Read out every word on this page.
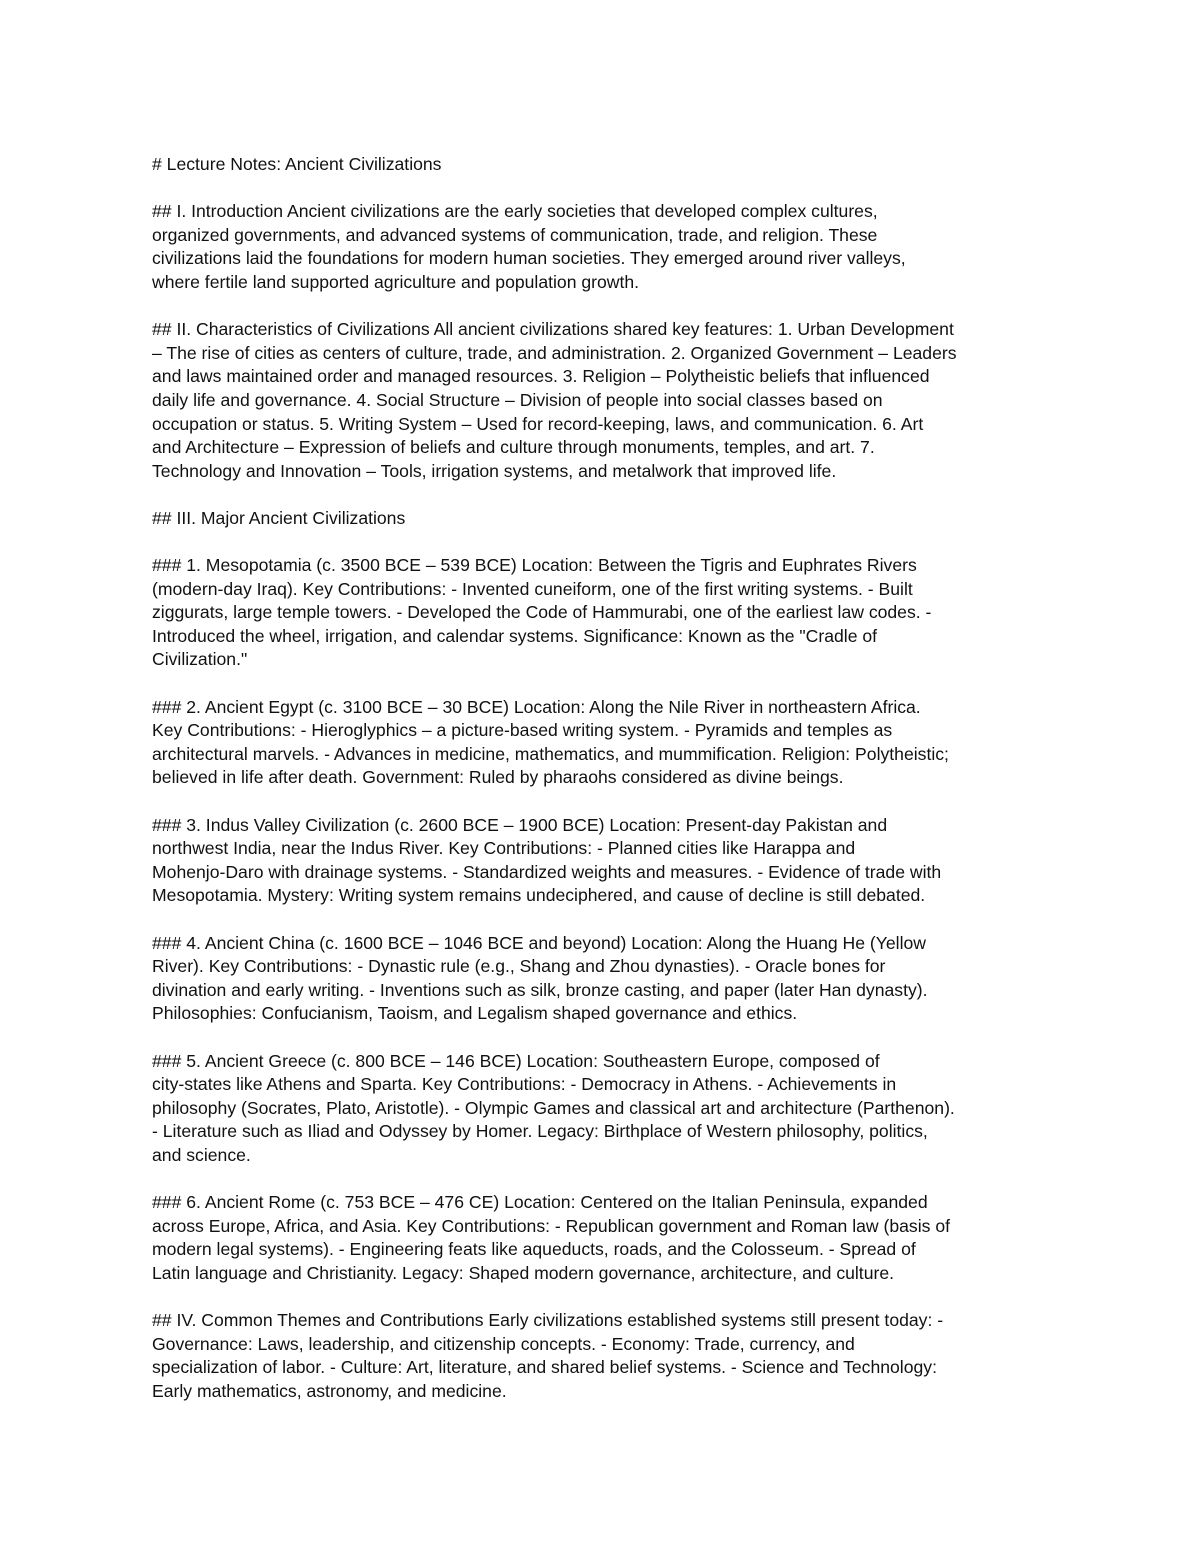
# Lecture Notes: Ancient Civilizations

## I. Introduction Ancient civilizations are the early societies that developed complex cultures,
organized governments, and advanced systems of communication, trade, and religion. These
civilizations laid the foundations for modern human societies. They emerged around river valleys,
where fertile land supported agriculture and population growth.

## II. Characteristics of Civilizations All ancient civilizations shared key features: 1. Urban Development
– The rise of cities as centers of culture, trade, and administration. 2. Organized Government – Leaders
and laws maintained order and managed resources. 3. Religion – Polytheistic beliefs that influenced
daily life and governance. 4. Social Structure – Division of people into social classes based on
occupation or status. 5. Writing System – Used for record-keeping, laws, and communication. 6. Art
and Architecture – Expression of beliefs and culture through monuments, temples, and art. 7.
Technology and Innovation – Tools, irrigation systems, and metalwork that improved life.

## III. Major Ancient Civilizations

### 1. Mesopotamia (c. 3500 BCE – 539 BCE) Location: Between the Tigris and Euphrates Rivers
(modern-day Iraq). Key Contributions: - Invented cuneiform, one of the first writing systems. - Built
ziggurats, large temple towers. - Developed the Code of Hammurabi, one of the earliest law codes. -
Introduced the wheel, irrigation, and calendar systems. Significance: Known as the "Cradle of
Civilization."

### 2. Ancient Egypt (c. 3100 BCE – 30 BCE) Location: Along the Nile River in northeastern Africa.
Key Contributions: - Hieroglyphics – a picture-based writing system. - Pyramids and temples as
architectural marvels. - Advances in medicine, mathematics, and mummification. Religion: Polytheistic;
believed in life after death. Government: Ruled by pharaohs considered as divine beings.

### 3. Indus Valley Civilization (c. 2600 BCE – 1900 BCE) Location: Present-day Pakistan and
northwest India, near the Indus River. Key Contributions: - Planned cities like Harappa and
Mohenjo-Daro with drainage systems. - Standardized weights and measures. - Evidence of trade with
Mesopotamia. Mystery: Writing system remains undeciphered, and cause of decline is still debated.

### 4. Ancient China (c. 1600 BCE – 1046 BCE and beyond) Location: Along the Huang He (Yellow
River). Key Contributions: - Dynastic rule (e.g., Shang and Zhou dynasties). - Oracle bones for
divination and early writing. - Inventions such as silk, bronze casting, and paper (later Han dynasty).
Philosophies: Confucianism, Taoism, and Legalism shaped governance and ethics.

### 5. Ancient Greece (c. 800 BCE – 146 BCE) Location: Southeastern Europe, composed of
city-states like Athens and Sparta. Key Contributions: - Democracy in Athens. - Achievements in
philosophy (Socrates, Plato, Aristotle). - Olympic Games and classical art and architecture (Parthenon).
- Literature such as Iliad and Odyssey by Homer. Legacy: Birthplace of Western philosophy, politics,
and science.

### 6. Ancient Rome (c. 753 BCE – 476 CE) Location: Centered on the Italian Peninsula, expanded
across Europe, Africa, and Asia. Key Contributions: - Republican government and Roman law (basis of
modern legal systems). - Engineering feats like aqueducts, roads, and the Colosseum. - Spread of
Latin language and Christianity. Legacy: Shaped modern governance, architecture, and culture.

## IV. Common Themes and Contributions Early civilizations established systems still present today: -
Governance: Laws, leadership, and citizenship concepts. - Economy: Trade, currency, and
specialization of labor. - Culture: Art, literature, and shared belief systems. - Science and Technology:
Early mathematics, astronomy, and medicine.
